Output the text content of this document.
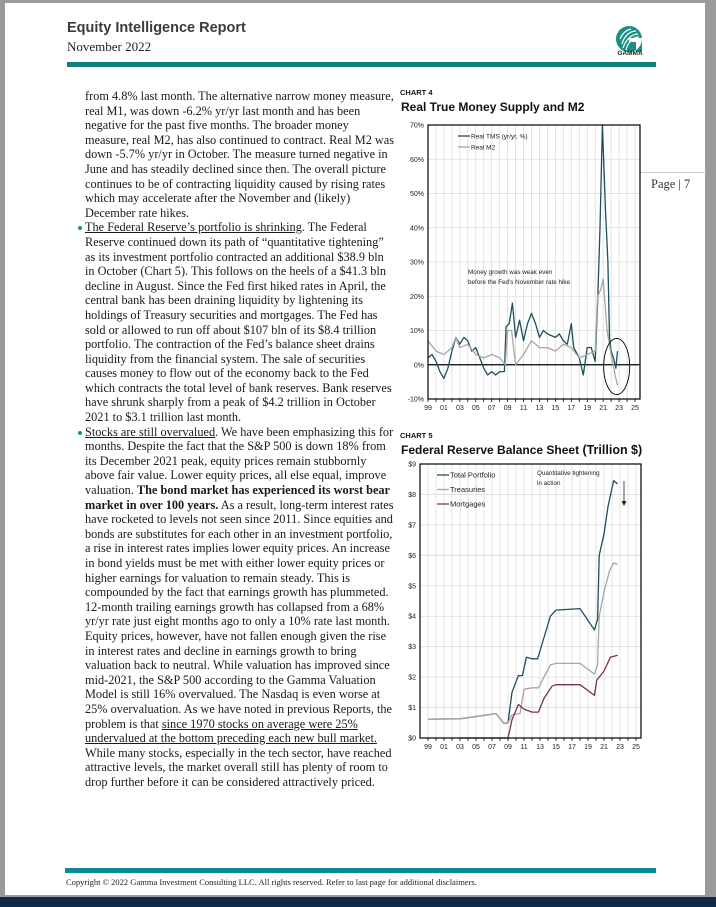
Equity Intelligence Report
November 2022	GAMMA
Page | 7

from 4.8% last month. The alternative narrow money measure, real M1, was down -6.2% yr/yr last month and has been negative for the past five months. The broader money measure, real M2, has also continued to contract. Real M2 was down -5.7% yr/yr in October. The measure turned negative in June and has steadily declined since then. The overall picture continues to be of contracting liquidity caused by rising rates which may accelerate after the November and (likely) December rate hikes.

The Federal Reserve’s portfolio is shrinking. The Federal Reserve continued down its path of “quantitative tightening” as its investment portfolio contracted an additional $38.9 bln in October (Chart 5). This follows on the heels of a $41.3 bln decline in August. Since the Fed first hiked rates in April, the central bank has been draining liquidity by lightening its holdings of Treasury securities and mortgages. The Fed has sold or allowed to run off about $107 bln of its $8.4 trillion portfolio. The contraction of the Fed’s balance sheet drains liquidity from the financial system. The sale of securities causes money to flow out of the economy back to the Fed which contracts the total level of bank reserves. Bank reserves have shrunk sharply from a peak of $4.2 trillion in October 2021 to $3.1 trillion last month.
Stocks are still overvalued. We have been emphasizing this for months. Despite the fact that the S&P 500 is down 18% from its December 2021 peak, equity prices remain stubbornly above fair value. Lower equity prices, all else equal, improve valuation. The bond market has experienced its worst bear market in over 100 years. As a result, long-term interest rates have rocketed to levels not seen since 2011. Since equities and bonds are substitutes for each other in an investment portfolio, a rise in interest rates implies lower equity prices. An increase in bond yields must be met with either lower equity prices or higher earnings for valuation to remain steady. This is compounded by the fact that earnings growth has plummeted. 12-month trailing earnings growth has collapsed from a 68% yr/yr rate just eight months ago to only a 10% rate last month. Equity prices, however, have not fallen enough given the rise in interest rates and decline in earnings growth to bring valuation back to neutral. While valuation has improved since mid-2021, the S&P 500 according to the Gamma Valuation Model is still 16% overvalued. The Nasdaq is even worse at 25% overvaluation. As we have noted in previous Reports, the problem is that since 1970 stocks on average were 25% undervalued at the bottom preceding each new bull market. While many stocks, especially in the tech sector, have reached attractive levels, the market overall still has plenty of room to drop further before it can be considered attractively priced.
CHART 4
Real True Money Supply and M2
-10%
0%
10%
20%
30%
40%
50%
60%
70%
99 01 03 05 07 09 11 13 15 17 19 21 23 25
Real TMS (yr/yr, %)
Real M2
Money growth was weak even
before the Fed’s November rate hike
CHART 5
Federal Reserve Balance Sheet (Trillion $)
$0
$1
$2
$3
$4
$5
$6
$7
$8
$9
99 01 03 05 07 09 11 13 15 17 19 21 23 25
Total Portfolio
Treasuries
Mortgages
Quantitative tightening
in action
Copyright © 2022 Gamma Investment Consulting LLC. All rights reserved. Refer to last page for additional disclaimers.
